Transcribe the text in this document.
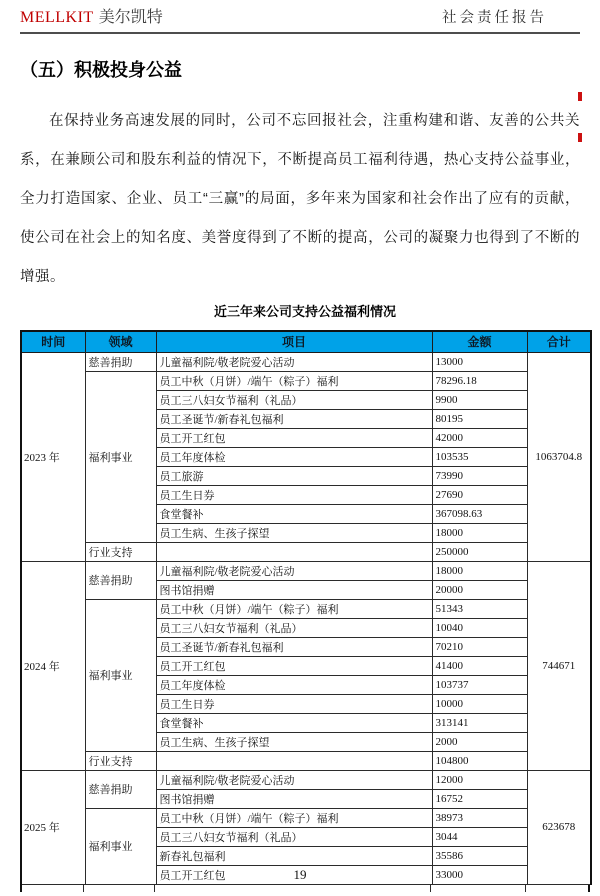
MELLKIT 美尔凯特	社会责任报告
（五）积极投身公益

在保持业务高速发展的同时，公司不忘回报社会，注重构建和谐、友善的公共关系，在兼顾公司和股东利益的情况下，不断提高员工福利待遇，热心支持公益事业，全力打造国家、企业、员工“三赢”的局面，多年来为国家和社会作出了应有的贡献，使公司在社会上的知名度、美誉度得到了不断的提高，公司的凝聚力也得到了不断的增强。

近三年来公司支持公益福利情况
时间	领域	项目	金额	合计
2023 年	慈善捐助	儿童福利院/敬老院爱心活动	13000	1063704.8
	福利事业	员工中秋（月饼）/端午（粽子）福利	78296.18	
		员工三八妇女节福利（礼品）	9900	
		员工圣诞节/新春礼包福利	80195	
		员工开工红包	42000	
		员工年度体检	103535	
		员工旅游	73990	
		员工生日券	27690	
		食堂餐补	367098.63	
		员工生病、生孩子探望	18000	
	行业支持		250000	
2024 年	慈善捐助	儿童福利院/敬老院爱心活动	18000	744671
		图书馆捐赠	20000	
	福利事业	员工中秋（月饼）/端午（粽子）福利	51343	
		员工三八妇女节福利（礼品）	10040	
		员工圣诞节/新春礼包福利	70210	
		员工开工红包	41400	
		员工年度体检	103737	
		员工生日券	10000	
		食堂餐补	313141	
		员工生病、生孩子探望	2000	
	行业支持		104800	
2025 年	慈善捐助	儿童福利院/敬老院爱心活动	12000	623678
		图书馆捐赠	16752	
	福利事业	员工中秋（月饼）/端午（粽子）福利	38973	
		员工三八妇女节福利（礼品）	3044	
		新春礼包福利	35586	
		员工开工红包	33000	
19
